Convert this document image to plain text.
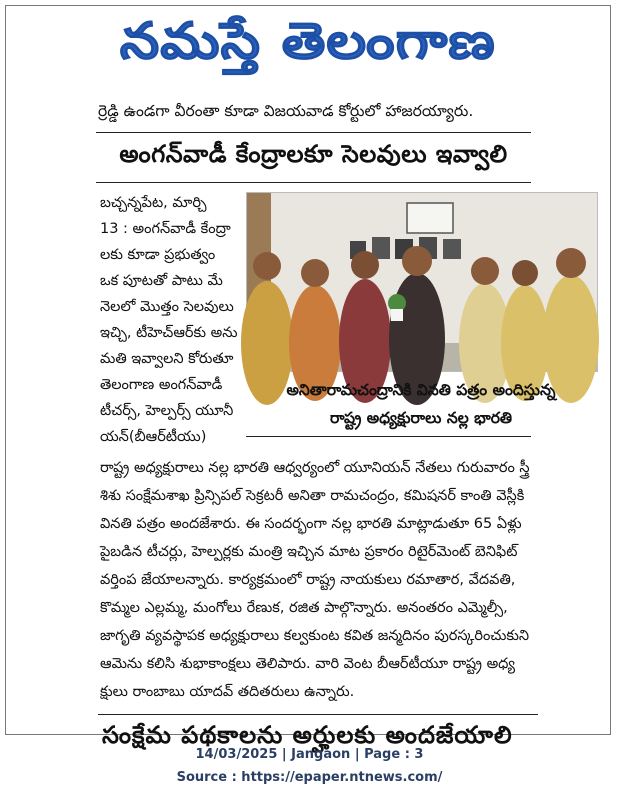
నమస్తే తెలంగాణ
ర్రెడ్డి ఉండగా వీరంతా కూడా విజయవాడ కోర్టులో హాజరయ్యారు.
అంగన్‌వాడీ కేంద్రాలకూ సెలవులు ఇవ్వాలి
బచ్చన్నపేట, మార్చి
13 : అంగన్‌వాడీ కేంద్రా
లకు కూడా ప్రభుత్వం
ఒక పూటతో పాటు మే
నెలలో మొత్తం సెలవులు
ఇచ్చి, టీహెచ్‌ఆర్‌కు అను
మతి ఇవ్వాలని కోరుతూ
తెలంగాణ అంగన్‌వాడీ
టీచర్స్, హెల్పర్స్ యూనీ
యన్(బీఆర్‌టీయు)
అనితారామచంద్రానికి వినతి పత్రం అందిస్తున్న
రాష్ట్ర అధ్యక్షురాలు నల్ల భారతి
రాష్ట్ర అధ్యక్షురాలు నల్ల భారతి ఆధ్వర్యంలో యూనియన్ నేతలు గురువారం స్త్రీ
శిశు సంక్షేమశాఖ ప్రిన్సిపల్ సెక్రటరీ అనితా రామచంద్రం, కమిషనర్ కాంతి వెస్లీకి
వినతి పత్రం అందజేశారు. ఈ సందర్భంగా నల్ల భారతి మాట్లాడుతూ 65 ఏళ్లు
పైబడిన టీచర్లు, హెల్పర్లకు మంత్రి ఇచ్చిన మాట ప్రకారం రిటైర్‌మెంట్ బెనిఫిట్
వర్తింప జేయాలన్నారు. కార్యక్రమంలో రాష్ట్ర నాయకులు రమాతార, వేదవతి,
కొమ్మల ఎల్లమ్మ, మంగోలు రేణుక, రజిత పాల్గొన్నారు. అనంతరం ఎమ్మెల్సీ,
జాగృతి వ్యవస్థాపక అధ్యక్షురాలు కల్వకుంట కవిత జన్మదినం పురస్కరించుకుని
ఆమెను కలిసి శుభాకాంక్షలు తెలిపారు. వారి వెంట బీఆర్‌టీయూ రాష్ట్ర అధ్య
క్షులు రాంబాబు యాదవ్ తదితరులు ఉన్నారు.
సంక్షేమ పథకాలను అర్హులకు అందజేయాలి
14/03/2025 | Jangaon | Page : 3
Source : https://epaper.ntnews.com/
